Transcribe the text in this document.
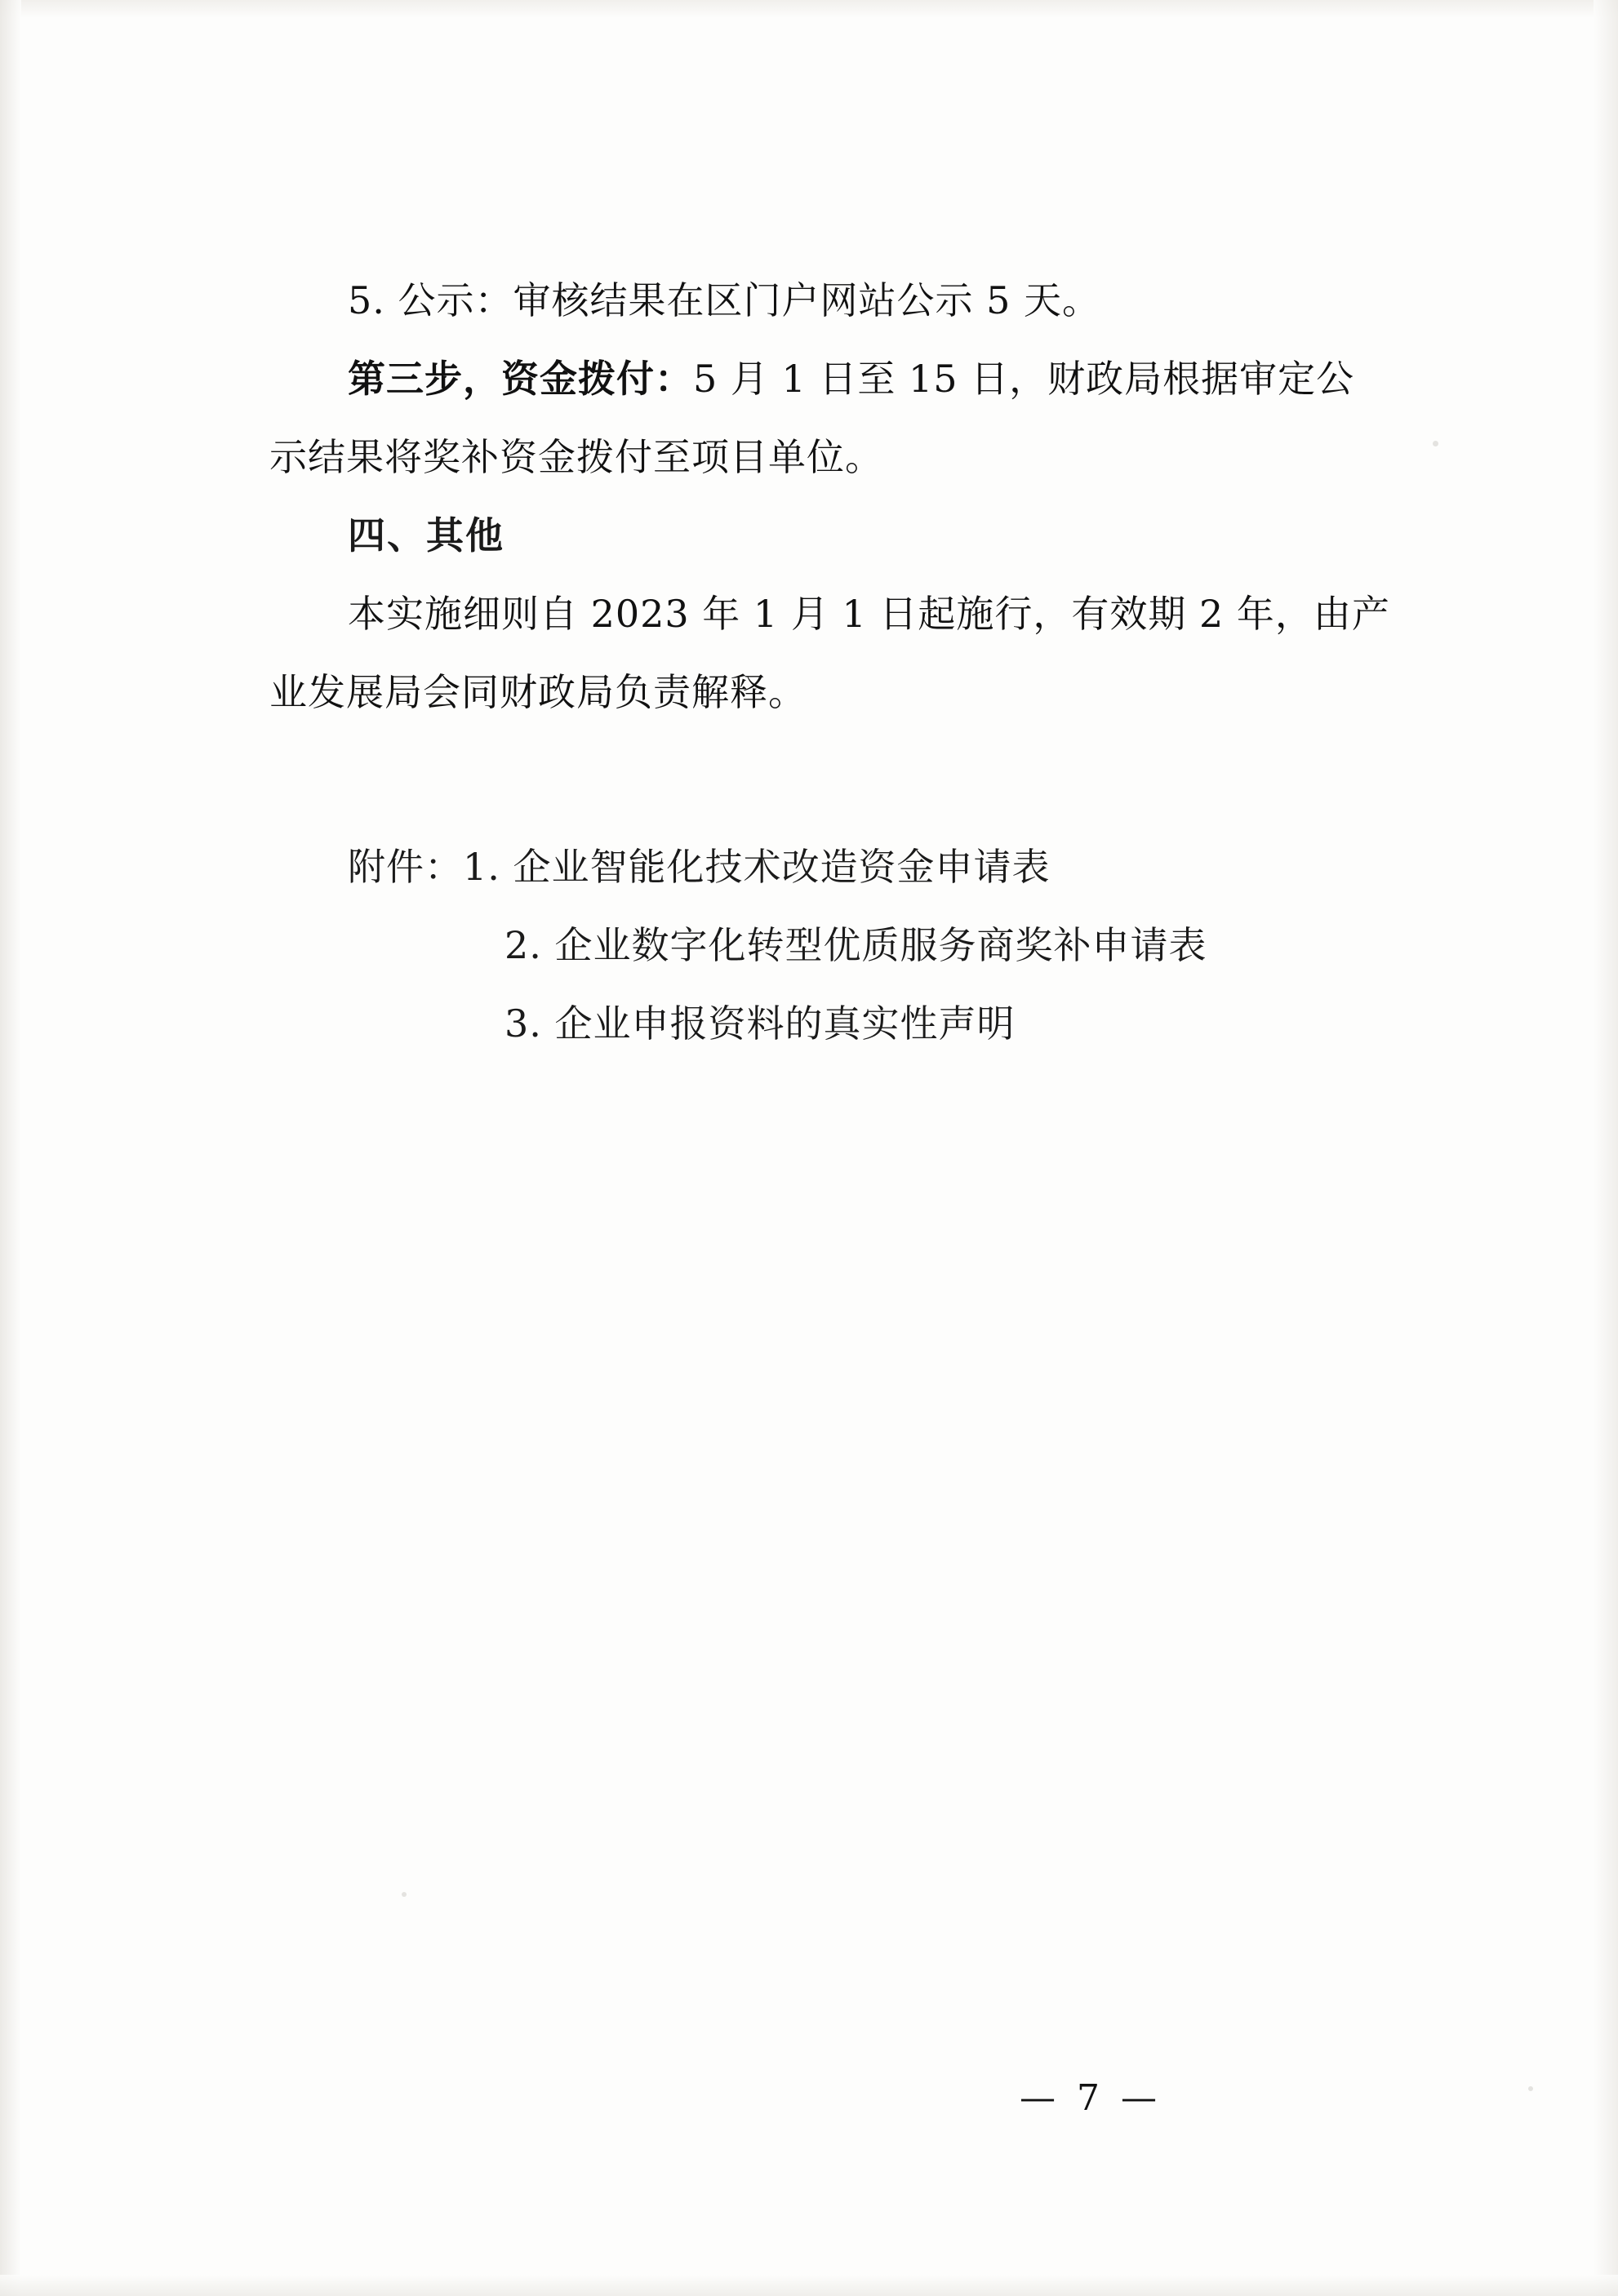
5. 公示：审核结果在区门户网站公示 5 天。
第三步，资金拨付：5 月 1 日至 15 日，财政局根据审定公
示结果将奖补资金拨付至项目单位。
四、其他
本实施细则自 2023 年 1 月 1 日起施行，有效期 2 年，由产
业发展局会同财政局负责解释。
附件：1. 企业智能化技术改造资金申请表
2. 企业数字化转型优质服务商奖补申请表
3. 企业申报资料的真实性声明
— 7 —
